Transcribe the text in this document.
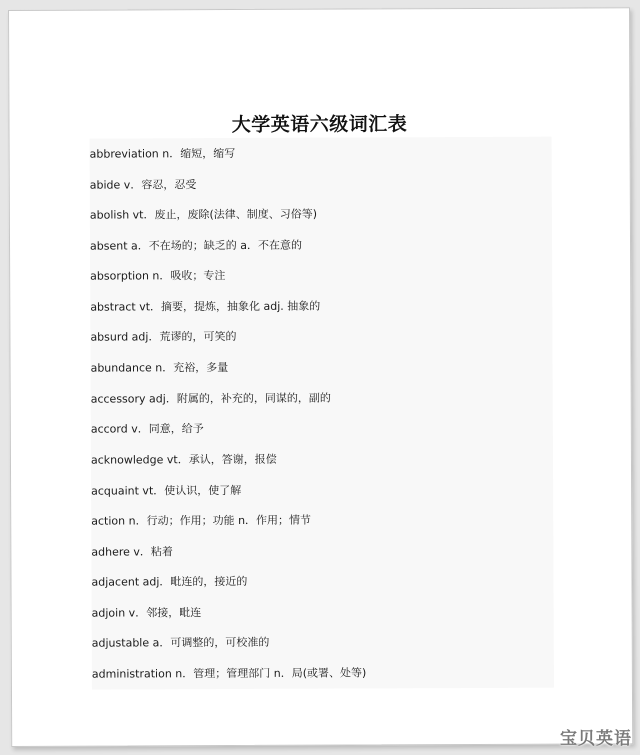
大学英语六级词汇表
abbreviation n．缩短，缩写
abide v．容忍，忍受
abolish vt．废止，废除(法律、制度、习俗等)
absent a．不在场的；缺乏的 a．不在意的
absorption n．吸收；专注
abstract vt．摘要，提炼，抽象化 adj. 抽象的
absurd adj．荒谬的，可笑的
abundance n．充裕，多量
accessory adj．附属的，补充的，同谋的，副的
accord v．同意，给予
acknowledge vt．承认，答谢，报偿
acquaint vt．使认识，使了解
action n．行动；作用；功能 n．作用；情节
adhere v．粘着
adjacent adj．毗连的，接近的
adjoin v．邻接，毗连
adjustable a．可调整的，可校准的
administration n．管理；管理部门 n．局(或署、处等)
宝贝英语
